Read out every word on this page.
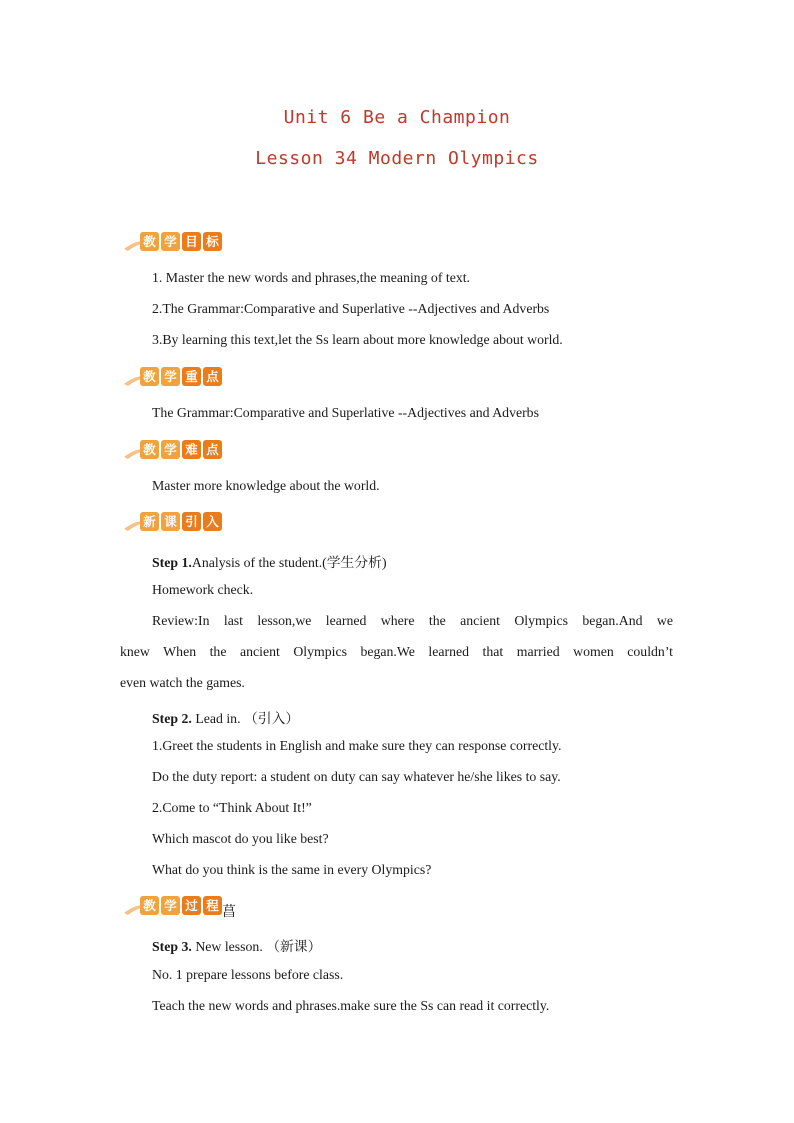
Unit 6 Be a Champion
Lesson 34 Modern Olympics
教 学 目 标
1. Master the new words and phrases,the meaning of text.
2.The Grammar:Comparative and Superlative --Adjectives and Adverbs
3.By learning this text,let the Ss learn about more knowledge about world.
教 学 重 点
The Grammar:Comparative and Superlative --Adjectives and Adverbs
教 学 难 点
Master more knowledge about the world.
新 课 引 入
Step 1.Analysis of the student.(学生分析)
Homework check.
Review:In last lesson,we learned where the ancient Olympics began.And we
knew When the ancient Olympics began.We learned that married women couldn’t
even watch the games.
Step 2. Lead in. （引入）
1.Greet the students in English and make sure they can response correctly.
Do the duty report: a student on duty can say whatever he/she likes to say.
2.Come to “Think About It!”
Which mascot do you like best?
What do you think is the same in every Olympics?
教 学 过 程 菖
Step 3. New lesson. （新课）
No. 1 prepare lessons before class.
Teach the new words and phrases.make sure the Ss can read it correctly.
